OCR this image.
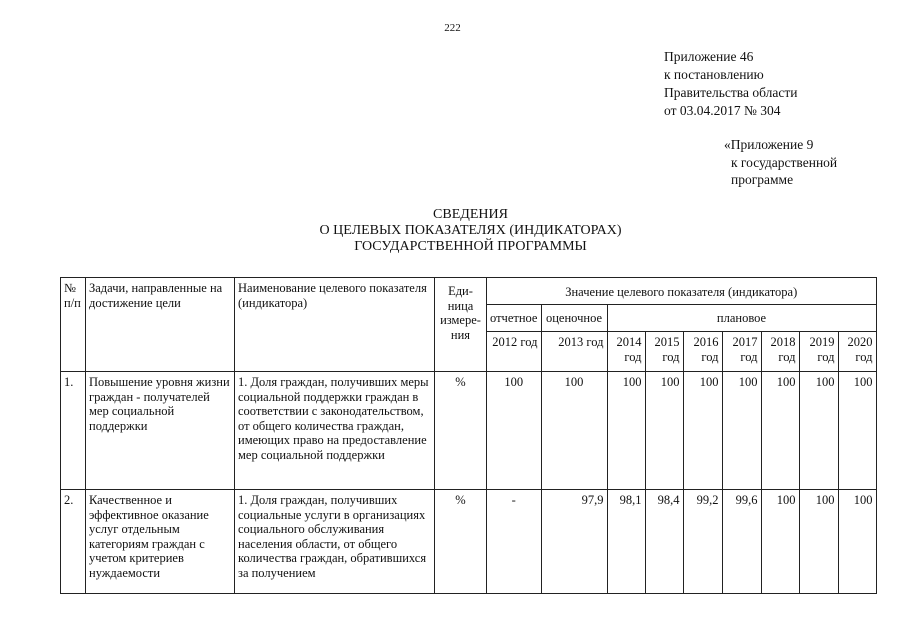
222
Приложение 46
к постановлению
Правительства области
от 03.04.2017 № 304
«Приложение 9
к государственной
программе
СВЕДЕНИЯ
О ЦЕЛЕВЫХ ПОКАЗАТЕЛЯХ (ИНДИКАТОРАХ)
ГОСУДАРСТВЕННОЙ ПРОГРАММЫ
№ п/п	Задачи, направленные на достижение цели	Наименование целевого показателя (индикатора)	Еди-ница измере-ния	Значение целевого показателя (индикатора)								
				отчетное	оценочное	плановое						
				2012 год	2013 год	2014 год	2015 год	2016 год	2017 год	2018 год	2019 год	2020 год
1.	Повышение уровня жизни граждан - получателей мер социальной поддержки	1. Доля граждан, получивших меры социальной поддержки граждан в соответствии с законодательством, от общего количества граждан, имеющих право на предоставление мер социальной поддержки	%	100	100	100	100	100	100	100	100	100
2.	Качественное и эффективное оказание услуг отдельным категориям граждан с учетом критериев нуждаемости	1. Доля граждан, получивших социальные услуги в организациях социального обслуживания населения области, от общего количества граждан, обратившихся за получением	%	-	97,9	98,1	98,4	99,2	99,6	100	100	100
